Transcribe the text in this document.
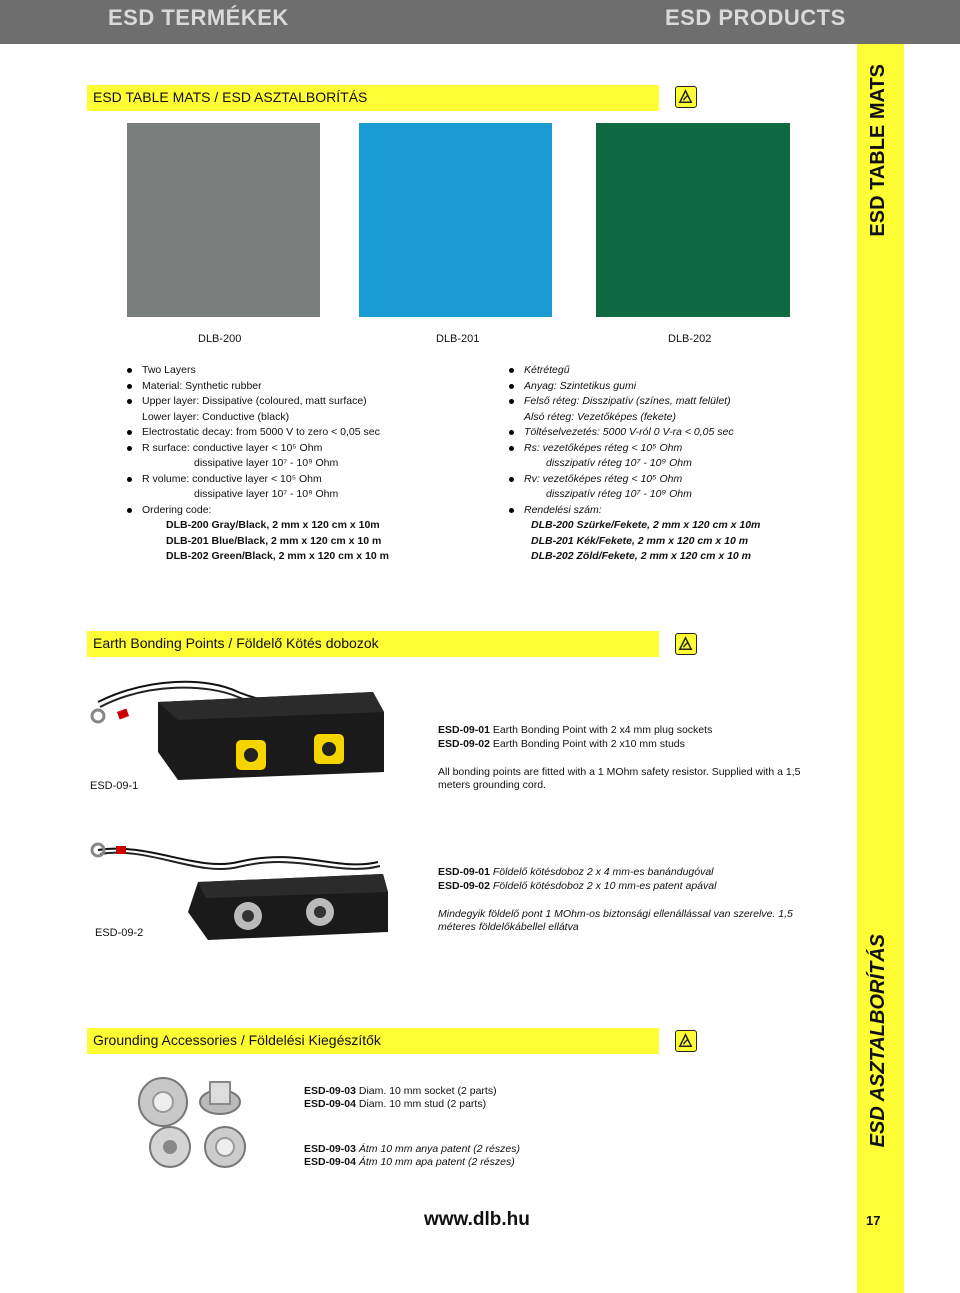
ESD TERMÉKEK	ESD PRODUCTS
ESD TABLE MATS
ESD ASZTALBORÍTÁS
ESD TABLE MATS / ESD ASZTALBORÍTÁS
DLB-200	DLB-201	DLB-202
Two Layers
Material: Synthetic rubber
Upper layer: Dissipative (coloured, matt surface)
Lower layer: Conductive (black)
Electrostatic decay: from 5000 V to zero < 0,05 sec
R surface: conductive layer < 10⁵ Ohm
dissipative layer 10⁷ - 10⁹ Ohm
R volume: conductive layer < 10⁵ Ohm
dissipative layer 10⁷ - 10⁹ Ohm
Ordering code:
DLB-200 Gray/Black, 2 mm x 120 cm x 10m
DLB-201 Blue/Black, 2 mm x 120 cm x 10 m
DLB-202 Green/Black, 2 mm x 120 cm x 10 m
Kétrétegű
Anyag: Szintetikus gumi
Felső réteg: Disszipatív (színes, matt felület)
Alsó réteg: Vezetőképes (fekete)
Töltéselvezetés: 5000 V-ról 0 V-ra < 0,05 sec
Rs: vezetőképes réteg < 10⁵ Ohm
disszipatív réteg 10⁷ - 10⁹ Ohm
Rv: vezetőképes réteg < 10⁵ Ohm
disszipatív réteg 10⁷ - 10⁹ Ohm
Rendelési szám:
DLB-200 Szürke/Fekete, 2 mm x 120 cm x 10m
DLB-201 Kék/Fekete, 2 mm x 120 cm x 10 m
DLB-202 Zöld/Fekete, 2 mm x 120 cm x 10 m
Earth Bonding Points / Földelő Kötés dobozok
ESD-09-1
ESD-09-01 Earth Bonding Point with 2 x4 mm plug sockets
ESD-09-02 Earth Bonding Point with 2 x10 mm studs
All bonding points are fitted with a 1 MOhm safety resistor. Supplied with a 1,5
meters grounding cord.
ESD-09-2
ESD-09-01 Földelő kötésdoboz 2 x 4 mm-es banándugóval
ESD-09-02 Földelő kötésdoboz 2 x 10 mm-es patent apával
Mindegyik földelő pont 1 MOhm-os biztonsági ellenállással van szerelve. 1,5
méteres földelőkábellel ellátva
Grounding Accessories / Földelési Kiegészítők
ESD-09-03 Diam. 10 mm socket (2 parts)
ESD-09-04 Diam. 10 mm stud (2 parts)
ESD-09-03 Átm 10 mm anya patent (2 részes)
ESD-09-04 Átm 10 mm apa patent (2 részes)
www.dlb.hu	17
